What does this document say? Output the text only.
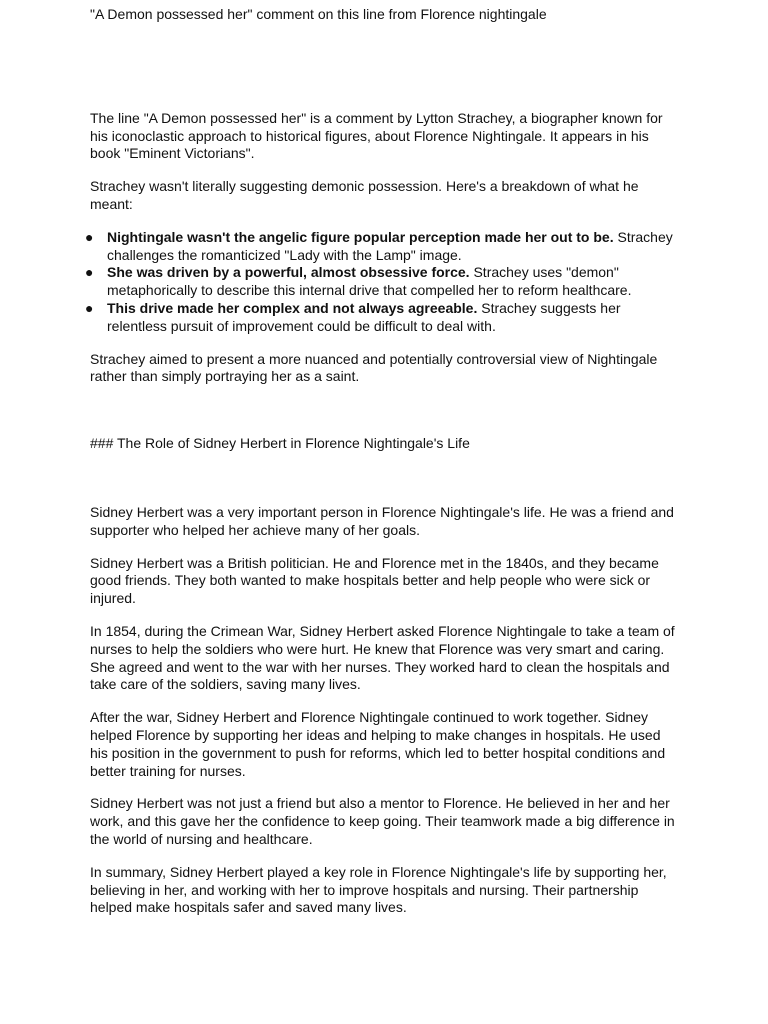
"A Demon possessed her" comment on this line from Florence nightingale

The line "A Demon possessed her" is a comment by Lytton Strachey, a biographer known for his iconoclastic approach to historical figures, about Florence Nightingale. It appears in his book "Eminent Victorians".

Strachey wasn't literally suggesting demonic possession. Here's a breakdown of what he meant:

● Nightingale wasn't the angelic figure popular perception made her out to be. Strachey challenges the romanticized "Lady with the Lamp" image.
● She was driven by a powerful, almost obsessive force. Strachey uses "demon" metaphorically to describe this internal drive that compelled her to reform healthcare.
● This drive made her complex and not always agreeable. Strachey suggests her relentless pursuit of improvement could be difficult to deal with.

Strachey aimed to present a more nuanced and potentially controversial view of Nightingale rather than simply portraying her as a saint.

### The Role of Sidney Herbert in Florence Nightingale's Life

Sidney Herbert was a very important person in Florence Nightingale's life. He was a friend and supporter who helped her achieve many of her goals.

Sidney Herbert was a British politician. He and Florence met in the 1840s, and they became good friends. They both wanted to make hospitals better and help people who were sick or injured.

In 1854, during the Crimean War, Sidney Herbert asked Florence Nightingale to take a team of nurses to help the soldiers who were hurt. He knew that Florence was very smart and caring. She agreed and went to the war with her nurses. They worked hard to clean the hospitals and take care of the soldiers, saving many lives.

After the war, Sidney Herbert and Florence Nightingale continued to work together. Sidney helped Florence by supporting her ideas and helping to make changes in hospitals. He used his position in the government to push for reforms, which led to better hospital conditions and better training for nurses.

Sidney Herbert was not just a friend but also a mentor to Florence. He believed in her and her work, and this gave her the confidence to keep going. Their teamwork made a big difference in the world of nursing and healthcare.

In summary, Sidney Herbert played a key role in Florence Nightingale's life by supporting her, believing in her, and working with her to improve hospitals and nursing. Their partnership helped make hospitals safer and saved many lives.
